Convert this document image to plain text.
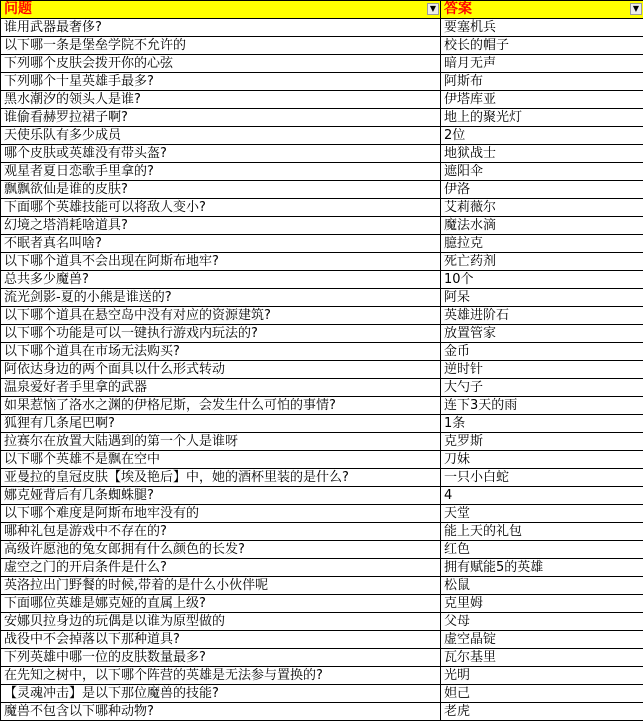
问题 ▼	答案 ▼

谁用武器最奢侈?	要塞机兵
以下哪一条是堡垒学院不允许的	校长的帽子
下列哪个皮肤会拨开你的心弦	暗月无声
下列哪个十星英雄手最多?	阿斯布
黑水潮汐的领头人是谁?	伊塔库亚
谁偷看赫罗拉裙子啊?	地上的聚光灯
天使乐队有多少成员	2位
哪个皮肤或英雄没有带头盔?	地狱战士
观星者夏日恋歌手里拿的?	遮阳伞
飘飘欲仙是谁的皮肤?	伊洛
下面哪个英雄技能可以将敌人变小?	艾莉薇尔
幻境之塔消耗啥道具?	魔法水滴
不眠者真名叫啥?	臆拉克
以下哪个道具不会出现在阿斯布地牢?	死亡药剂
总共多少魔兽?	10个
流光剑影-夏的小熊是谁送的?	阿呆
以下哪个道具在悬空岛中没有对应的资源建筑?	英雄进阶石
以下哪个功能是可以一键执行游戏内玩法的?	放置管家
以下哪个道具在市场无法购买?	金币
阿依达身边的两个面具以什么形式转动	逆时针
温泉爱好者手里拿的武器	大勺子
如果惹恼了洛水之渊的伊格尼斯，会发生什么可怕的事情?	连下3天的雨
狐狸有几条尾巴啊?	1条
拉赛尔在放置大陆遇到的第一个人是谁呀	克罗斯
以下哪个英雄不是飘在空中	刀妹
亚曼拉的皇冠皮肤【埃及艳后】中，她的酒杯里装的是什么?	一只小白蛇
娜克娅背后有几条蜘蛛腿?	4
以下哪个难度是阿斯布地牢没有的	天堂
哪种礼包是游戏中不存在的?	能上天的礼包
高级许愿池的兔女郎拥有什么颜色的长发?	红色
虚空之门的开启条件是什么?	拥有赋能5的英雄
英洛拉出门野餐的时候,带着的是什么小伙伴呢	松鼠
下面哪位英雄是娜克娅的直属上级?	克里姆
安娜贝拉身边的玩偶是以谁为原型做的	父母
战役中不会掉落以下那种道具?	虚空晶锭
下列英雄中哪一位的皮肤数量最多?	瓦尔基里
在先知之树中，以下哪个阵营的英雄是无法参与置换的?	光明
【灵魂冲击】是以下那位魔兽的技能?	妲己
魔兽不包含以下哪种动物?	老虎
